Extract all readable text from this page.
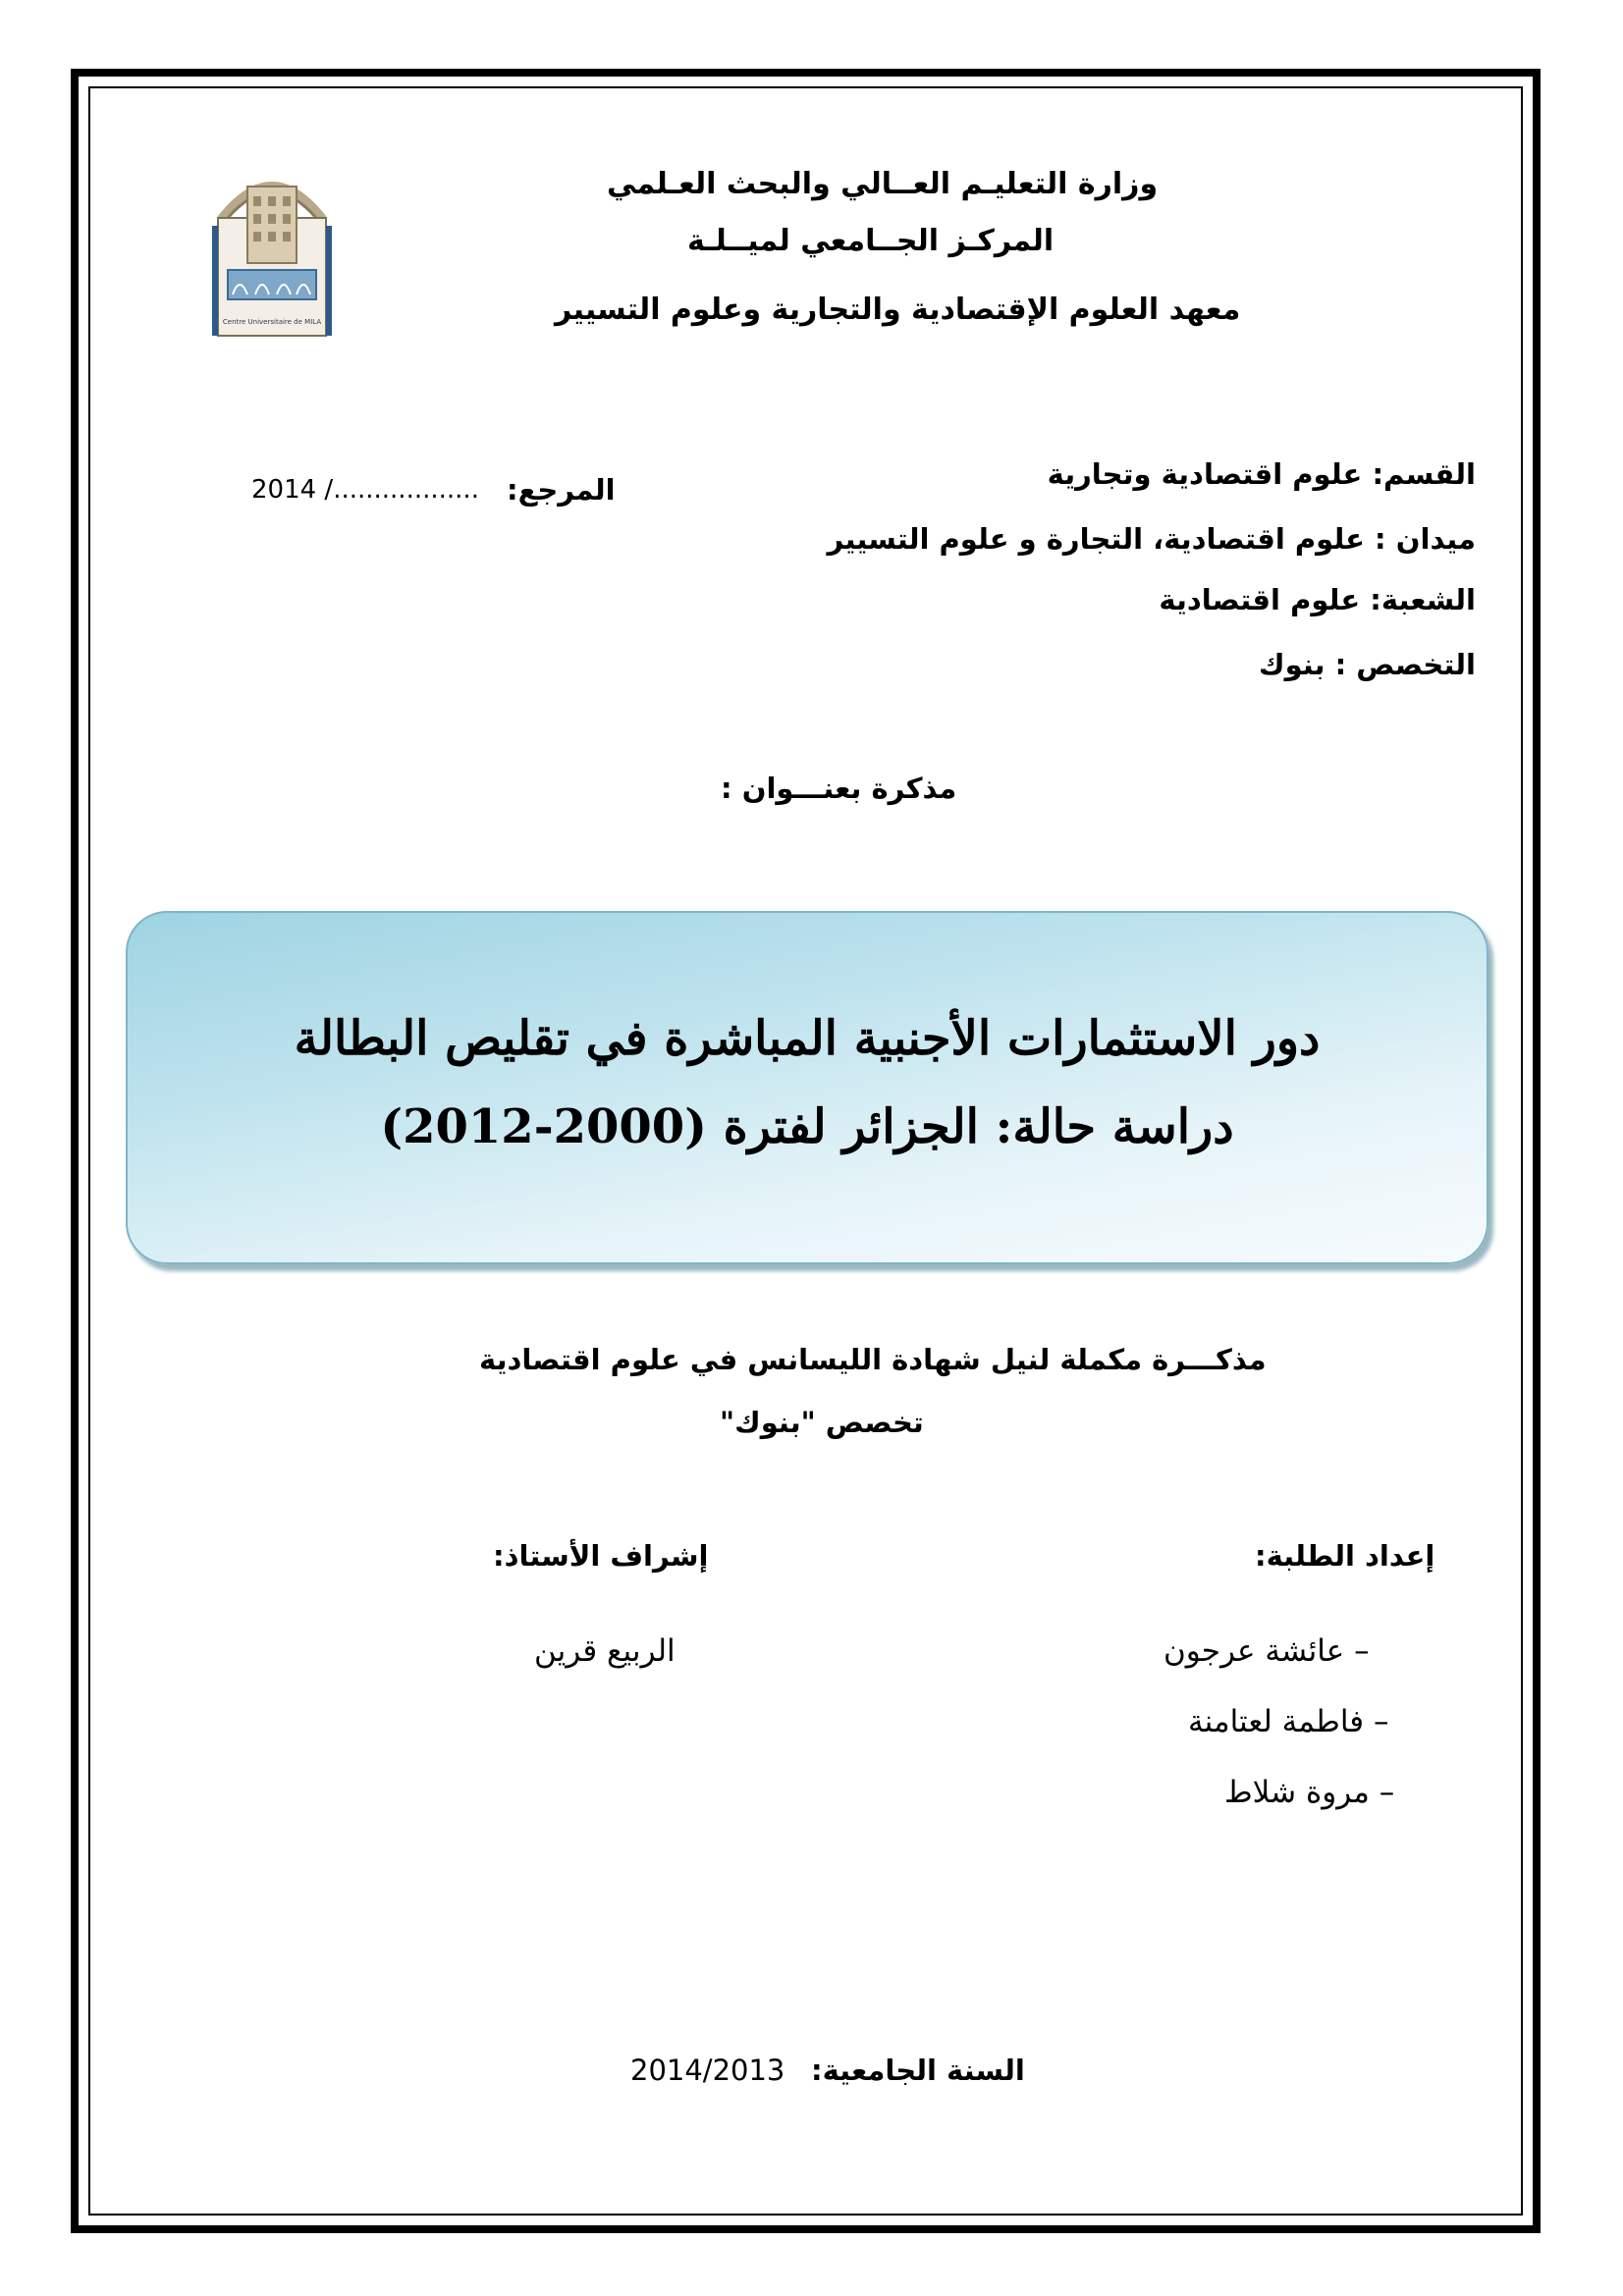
Centre Universitaire de MILA
وزارة التعليـم العــالي والبحث العـلمي
المركـز الجــامعي لميــلـة
معهد العلوم الإقتصادية والتجارية وعلوم التسيير
المرجع:
2014 /..................	القسم: علوم اقتصادية وتجارية
ميدان : علوم اقتصادية، التجارة و علوم التسيير
الشعبة: علوم اقتصادية
التخصص : بنوك
مذكرة بعنـــوان :
دور الاستثمارات الأجنبية المباشرة في تقليص البطالة
دراسة حالة: الجزائر لفترة (2000-2012)
مذكـــرة مكملة لنيل شهادة الليسانس في علوم اقتصادية
تخصص "بنوك"
إعداد الطلبة:
إشراف الأستاذ:
– عائشة عرجون
– فاطمة لعتامنة
– مروة شلاط
الربيع قرين
السنة الجامعية:
2014/2013
